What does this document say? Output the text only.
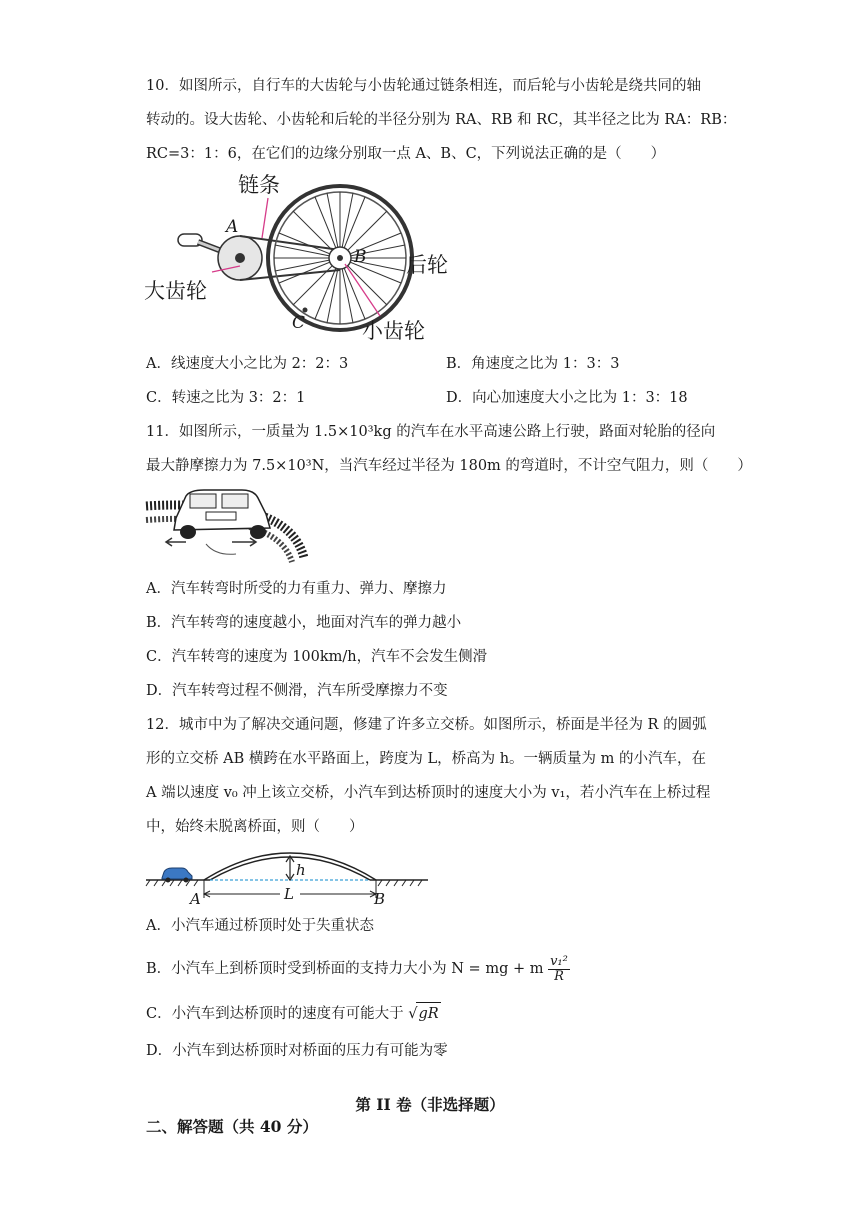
10．如图所示，自行车的大齿轮与小齿轮通过链条相连，而后轮与小齿轮是绕共同的轴
转动的。设大齿轮、小齿轮和后轮的半径分别为 RA、RB 和 RC，其半径之比为 RA：RB：
RC=3：1：6，在它们的边缘分别取一点 A、B、C，下列说法正确的是（　　）
链条
大齿轮
后轮
小齿轮
A
B
C
A．线速度大小之比为 2：2：3	B．角速度之比为 1：3：3
C．转速之比为 3：2：1	D．向心加速度大小之比为 1：3：18
11．如图所示，一质量为 1.5×10³kg 的汽车在水平高速公路上行驶，路面对轮胎的径向
最大静摩擦力为 7.5×10³N，当汽车经过半径为 180m 的弯道时，不计空气阻力，则（　　）
A．汽车转弯时所受的力有重力、弹力、摩擦力
B．汽车转弯的速度越小，地面对汽车的弹力越小
C．汽车转弯的速度为 100km/h，汽车不会发生侧滑
D．汽车转弯过程不侧滑，汽车所受摩擦力不变
12．城市中为了解决交通问题，修建了许多立交桥。如图所示，桥面是半径为 R 的圆弧
形的立交桥 AB 横跨在水平路面上，跨度为 L，桥高为 h。一辆质量为 m 的小汽车，在
A 端以速度 v₀ 冲上该立交桥，小汽车到达桥顶时的速度大小为 v₁，若小汽车在上桥过程
中，始终未脱离桥面，则（　　）
h
L
A	B
A．小汽车通过桥顶时处于失重状态
B．小汽车上到桥顶时受到桥面的支持力大小为 N = mg + m $\frac{\text{v₁²}}{R}$
C．小汽车到达桥顶时的速度有可能大于 √gR
D．小汽车到达桥顶时对桥面的压力有可能为零
第 II 卷（非选择题）
二、解答题（共 40 分）
